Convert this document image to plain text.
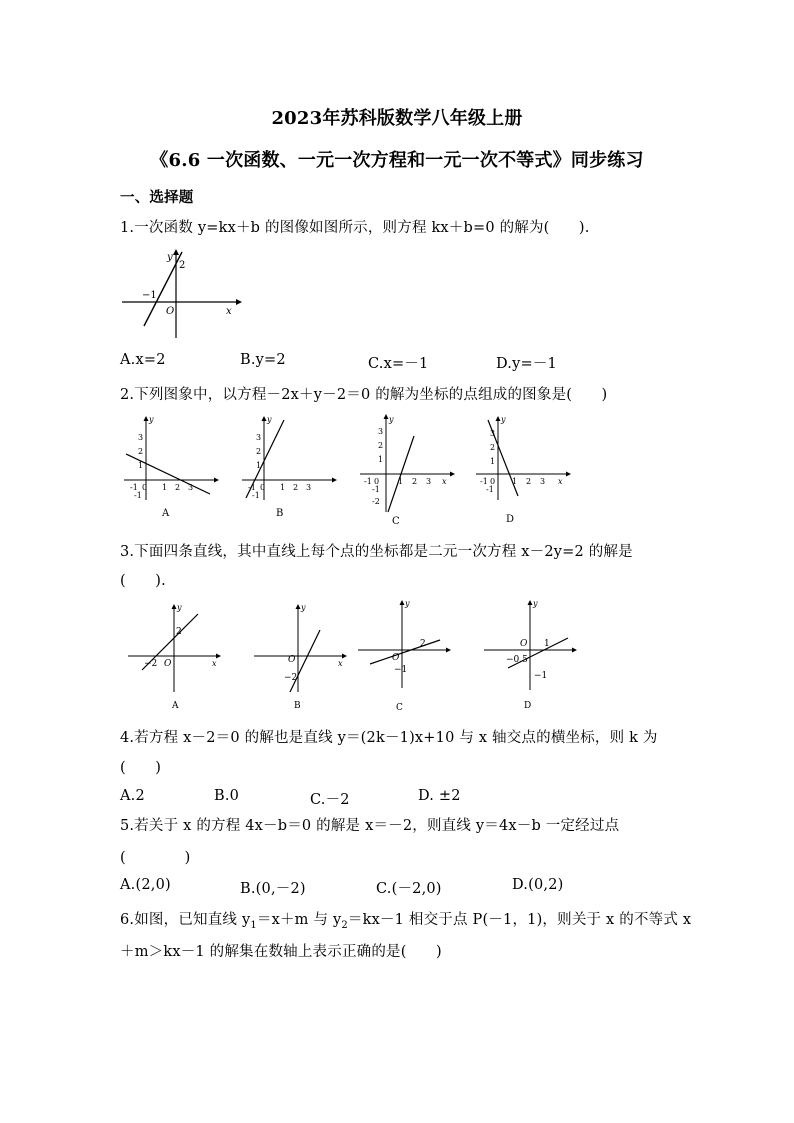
2023年苏科版数学八年级上册
《6.6 一次函数、一元一次方程和一元一次不等式》同步练习
一、选择题
1.一次函数 y=kx＋b 的图像如图所示，则方程 kx＋b=0 的解为(　　).
y
x
O
−1
2
A.x=2	B.y=2	C.x=－1	D.y=－1
2.下列图象中，以方程－2x＋y－2＝0 的解为坐标的点组成的图象是(　　)
y
3
2
1
-1 0 1 2 3
-1
A
y
3
2
1
-1 0 1 2 3
-1
B
y
3
2
1
-1 0 1 2 3 x
-1
-2
C
y
3
2
1
-1 0 1 2 3 x
-1
D
3.下面四条直线，其中直线上每个点的坐标都是二元一次方程 x－2y=2 的解是
(　　).
y
x
2
−2 O
A
y
x
O
−2
B
y
2
O
−1
C
y
O 1
−0.5
−1
D
4.若方程 x－2＝0 的解也是直线 y＝(2k－1)x+10 与 x 轴交点的横坐标，则 k 为
(　　)
A.2	B.0	C.－2	D. ±2
5.若关于 x 的方程 4x－b＝0 的解是 x＝－2，则直线 y＝4x－b 一定经过点
(　　　　)
A.(2,0)	B.(0,－2)	C.(－2,0)	D.(0,2)
6.如图，已知直线 $y_1=x+m$ 与 $y_2=kx-1$ 相交于点 P(－1，1)，则关于 x 的不等式 x
＋m＞kx－1 的解集在数轴上表示正确的是(　　)
